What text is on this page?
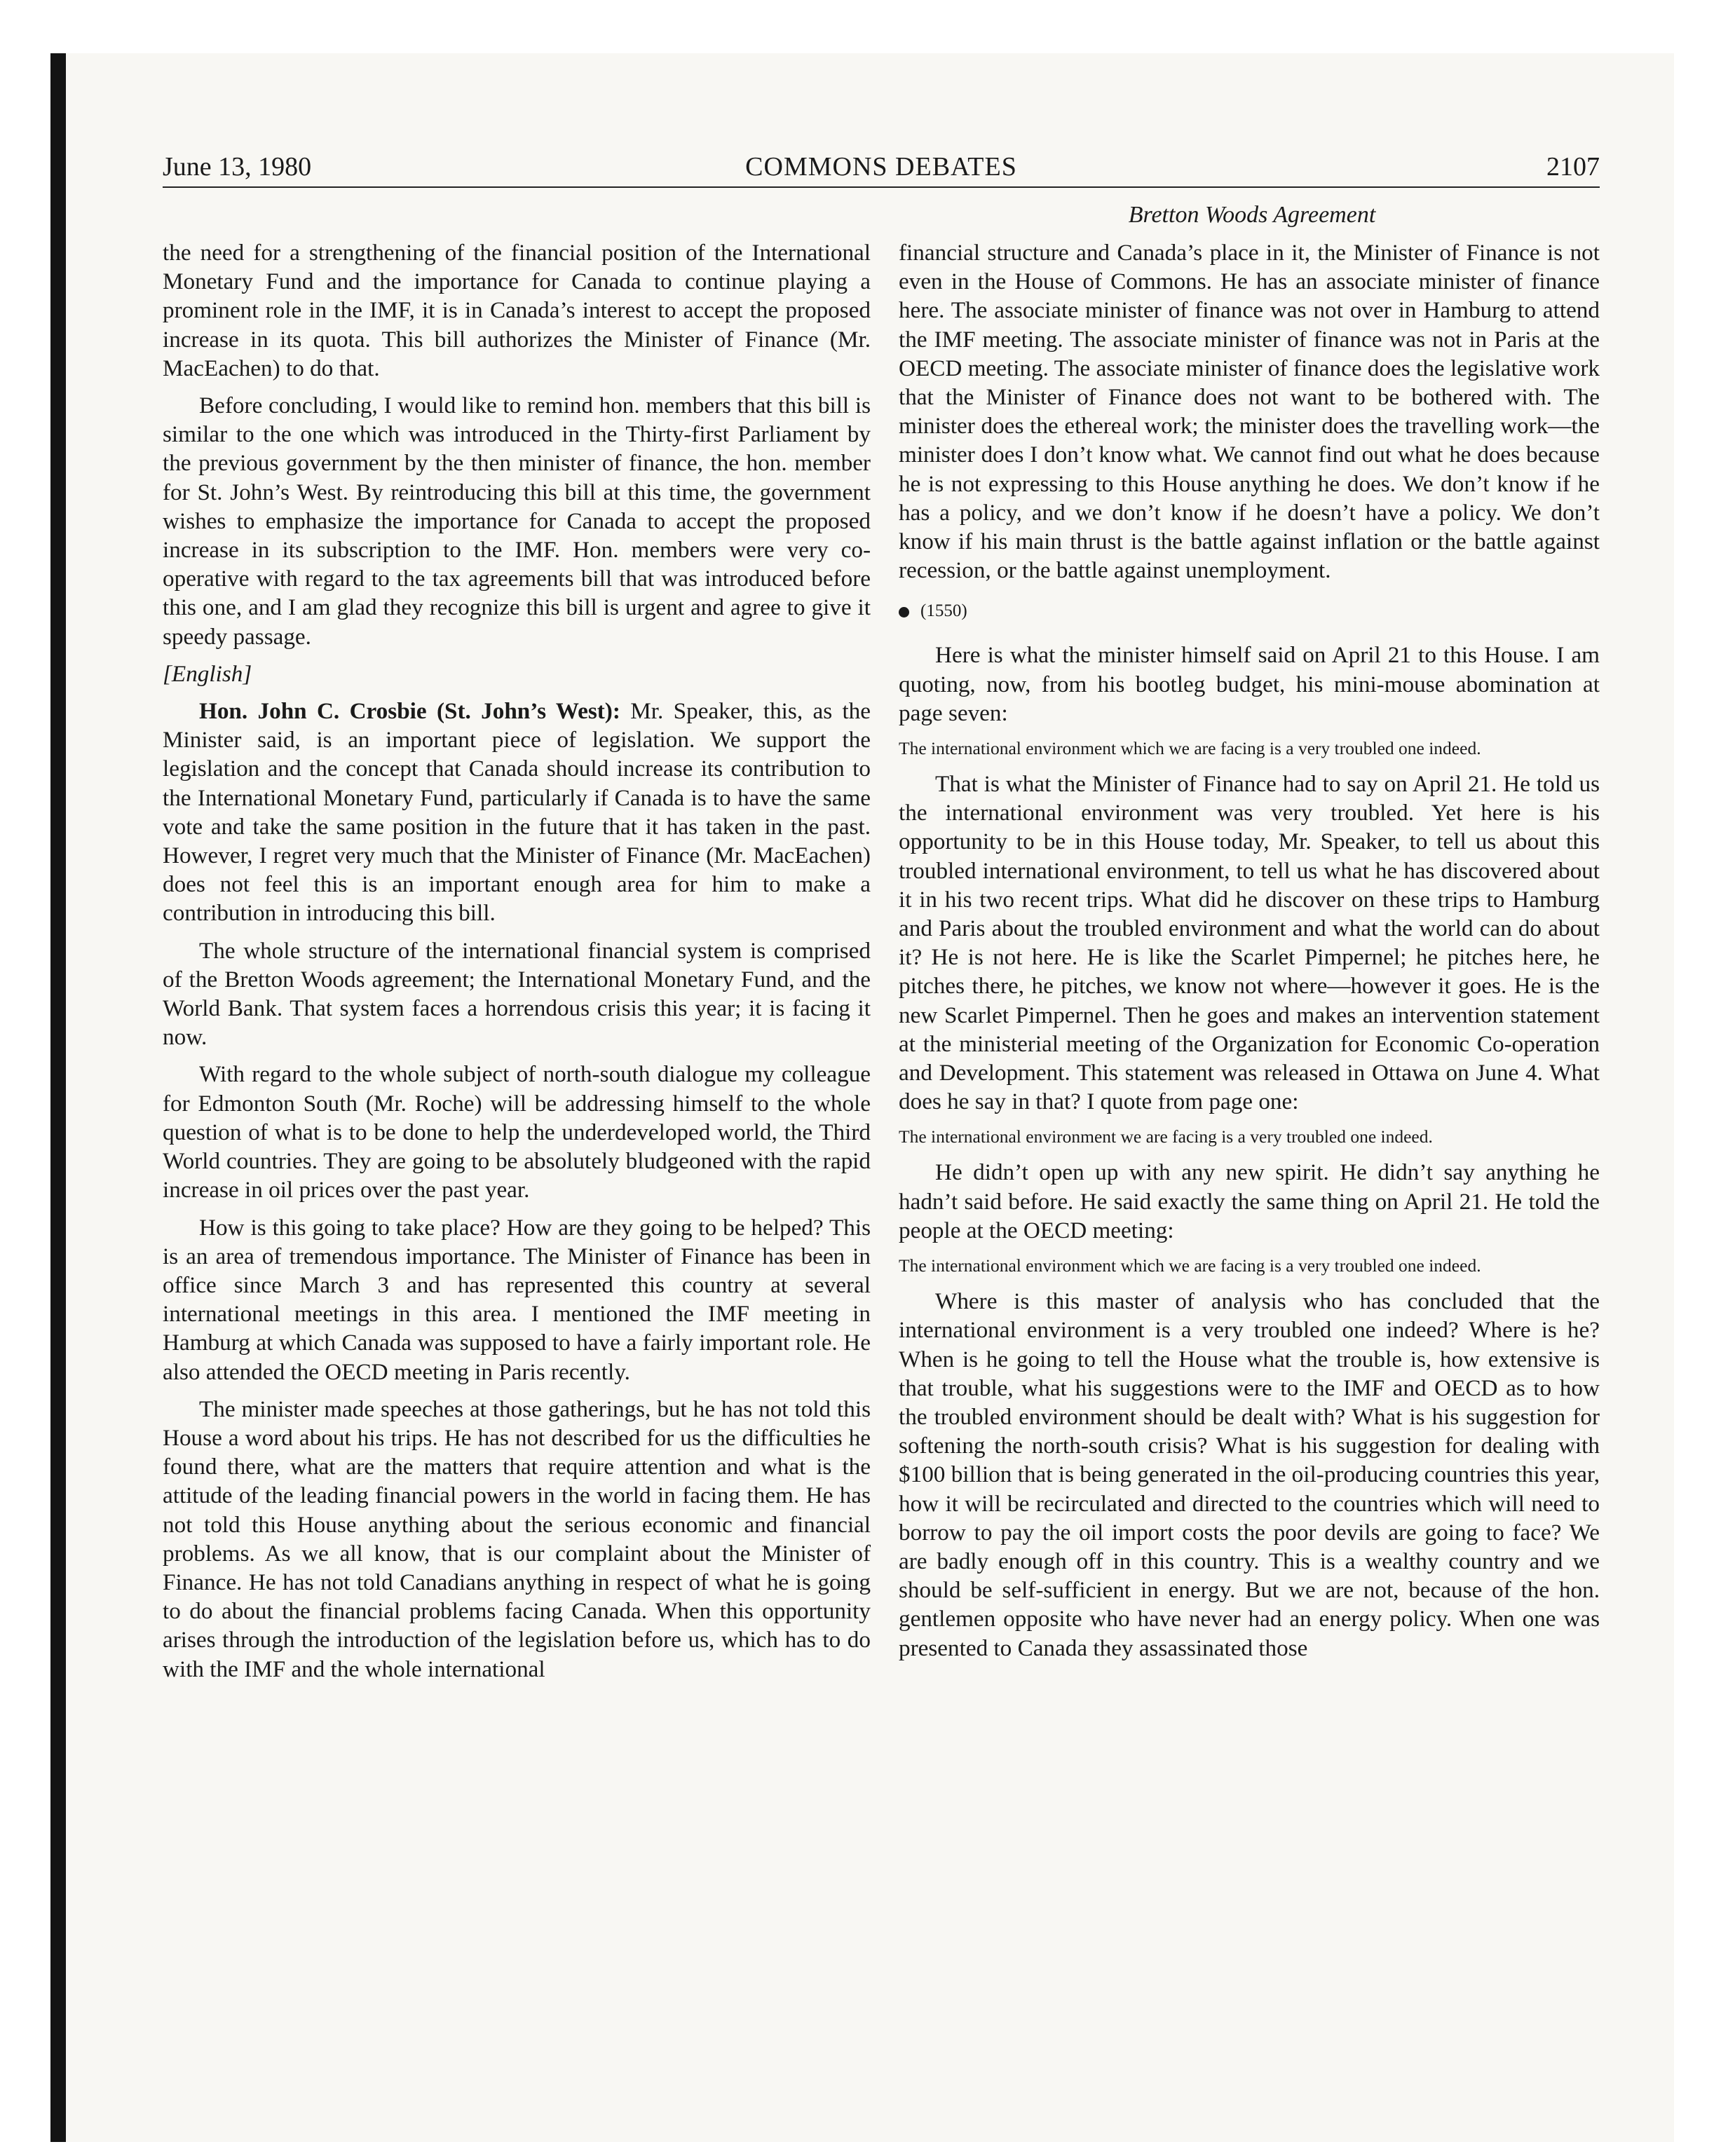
June 13, 1980	COMMONS DEBATES	2107
Bretton Woods Agreement

the need for a strengthening of the financial position of the International Monetary Fund and the importance for Canada to continue playing a prominent role in the IMF, it is in Canada’s interest to accept the proposed increase in its quota. This bill authorizes the Minister of Finance (Mr. MacEachen) to do that.

Before concluding, I would like to remind hon. members that this bill is similar to the one which was introduced in the Thirty-first Parliament by the previous government by the then minister of finance, the hon. member for St. John’s West. By reintroducing this bill at this time, the government wishes to emphasize the importance for Canada to accept the proposed increase in its subscription to the IMF. Hon. members were very co-operative with regard to the tax agreements bill that was introduced before this one, and I am glad they recognize this bill is urgent and agree to give it speedy passage.

[English]

Hon. John C. Crosbie (St. John’s West): Mr. Speaker, this, as the Minister said, is an important piece of legislation. We support the legislation and the concept that Canada should increase its contribution to the International Monetary Fund, particularly if Canada is to have the same vote and take the same position in the future that it has taken in the past. However, I regret very much that the Minister of Finance (Mr. MacEachen) does not feel this is an important enough area for him to make a contribution in introducing this bill.

The whole structure of the international financial system is comprised of the Bretton Woods agreement; the International Monetary Fund, and the World Bank. That system faces a horrendous crisis this year; it is facing it now.

With regard to the whole subject of north-south dialogue my colleague for Edmonton South (Mr. Roche) will be addressing himself to the whole question of what is to be done to help the underdeveloped world, the Third World countries. They are going to be absolutely bludgeoned with the rapid increase in oil prices over the past year.

How is this going to take place? How are they going to be helped? This is an area of tremendous importance. The Minister of Finance has been in office since March 3 and has represented this country at several international meetings in this area. I mentioned the IMF meeting in Hamburg at which Canada was supposed to have a fairly important role. He also attended the OECD meeting in Paris recently.

The minister made speeches at those gatherings, but he has not told this House a word about his trips. He has not described for us the difficulties he found there, what are the matters that require attention and what is the attitude of the leading financial powers in the world in facing them. He has not told this House anything about the serious economic and financial problems. As we all know, that is our complaint about the Minister of Finance. He has not told Canadians anything in respect of what he is going to do about the financial problems facing Canada. When this opportunity arises through the introduction of the legislation before us, which has to do with the IMF and the whole international

financial structure and Canada’s place in it, the Minister of Finance is not even in the House of Commons. He has an associate minister of finance here. The associate minister of finance was not over in Hamburg to attend the IMF meeting. The associate minister of finance was not in Paris at the OECD meeting. The associate minister of finance does the legislative work that the Minister of Finance does not want to be bothered with. The minister does the ethereal work; the minister does the travelling work—the minister does I don’t know what. We cannot find out what he does because he is not expressing to this House anything he does. We don’t know if he has a policy, and we don’t know if he doesn’t have a policy. We don’t know if his main thrust is the battle against inflation or the battle against recession, or the battle against unemployment.

(1550)

Here is what the minister himself said on April 21 to this House. I am quoting, now, from his bootleg budget, his mini-mouse abomination at page seven:

The international environment which we are facing is a very troubled one indeed.

That is what the Minister of Finance had to say on April 21. He told us the international environment was very troubled. Yet here is his opportunity to be in this House today, Mr. Speaker, to tell us about this troubled international environment, to tell us what he has discovered about it in his two recent trips. What did he discover on these trips to Hamburg and Paris about the troubled environment and what the world can do about it? He is not here. He is like the Scarlet Pimpernel; he pitches here, he pitches there, he pitches, we know not where—however it goes. He is the new Scarlet Pimpernel. Then he goes and makes an intervention statement at the ministerial meeting of the Organization for Economic Co-operation and Development. This statement was released in Ottawa on June 4. What does he say in that? I quote from page one:

The international environment we are facing is a very troubled one indeed.

He didn’t open up with any new spirit. He didn’t say anything he hadn’t said before. He said exactly the same thing on April 21. He told the people at the OECD meeting:

The international environment which we are facing is a very troubled one indeed.

Where is this master of analysis who has concluded that the international environment is a very troubled one indeed? Where is he? When is he going to tell the House what the trouble is, how extensive is that trouble, what his suggestions were to the IMF and OECD as to how the troubled environment should be dealt with? What is his suggestion for softening the north-south crisis? What is his suggestion for dealing with $100 billion that is being generated in the oil-producing countries this year, how it will be recirculated and directed to the countries which will need to borrow to pay the oil import costs the poor devils are going to face? We are badly enough off in this country. This is a wealthy country and we should be self-sufficient in energy. But we are not, because of the hon. gentlemen opposite who have never had an energy policy. When one was presented to Canada they assassinated those
